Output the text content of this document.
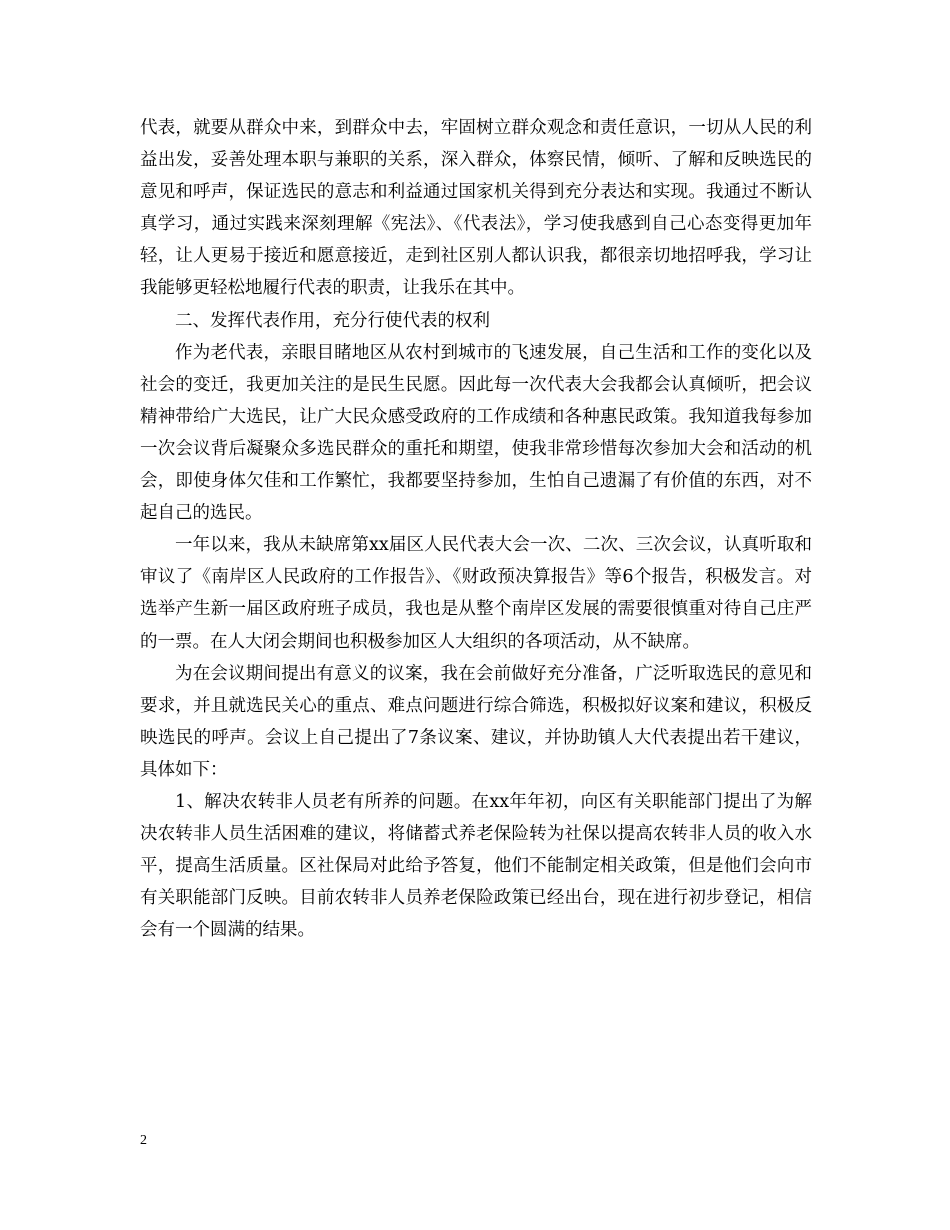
代表，就要从群众中来，到群众中去，牢固树立群众观念和责任意识，一切从人民的利益出发，妥善处理本职与兼职的关系，深入群众，体察民情，倾听、了解和反映选民的意见和呼声，保证选民的意志和利益通过国家机关得到充分表达和实现。我通过不断认真学习，通过实践来深刻理解《宪法》、《代表法》，学习使我感到自己心态变得更加年轻，让人更易于接近和愿意接近，走到社区别人都认识我，都很亲切地招呼我，学习让我能够更轻松地履行代表的职责，让我乐在其中。

二、发挥代表作用，充分行使代表的权利

作为老代表，亲眼目睹地区从农村到城市的飞速发展，自己生活和工作的变化以及社会的变迁，我更加关注的是民生民愿。因此每一次代表大会我都会认真倾听，把会议精神带给广大选民，让广大民众感受政府的工作成绩和各种惠民政策。我知道我每参加一次会议背后凝聚众多选民群众的重托和期望，使我非常珍惜每次参加大会和活动的机会，即使身体欠佳和工作繁忙，我都要坚持参加，生怕自己遗漏了有价值的东西，对不起自己的选民。

一年以来，我从未缺席第xx届区人民代表大会一次、二次、三次会议，认真听取和审议了《南岸区人民政府的工作报告》、《财政预决算报告》等6个报告，积极发言。对选举产生新一届区政府班子成员，我也是从整个南岸区发展的需要很慎重对待自己庄严的一票。在人大闭会期间也积极参加区人大组织的各项活动，从不缺席。

为在会议期间提出有意义的议案，我在会前做好充分准备，广泛听取选民的意见和要求，并且就选民关心的重点、难点问题进行综合筛选，积极拟好议案和建议，积极反映选民的呼声。会议上自己提出了7条议案、建议，并协助镇人大代表提出若干建议，具体如下：

1、解决农转非人员老有所养的问题。在xx年年初，向区有关职能部门提出了为解决农转非人员生活困难的建议，将储蓄式养老保险转为社保以提高农转非人员的收入水平，提高生活质量。区社保局对此给予答复，他们不能制定相关政策，但是他们会向市有关职能部门反映。目前农转非人员养老保险政策已经出台，现在进行初步登记，相信会有一个圆满的结果。

2
